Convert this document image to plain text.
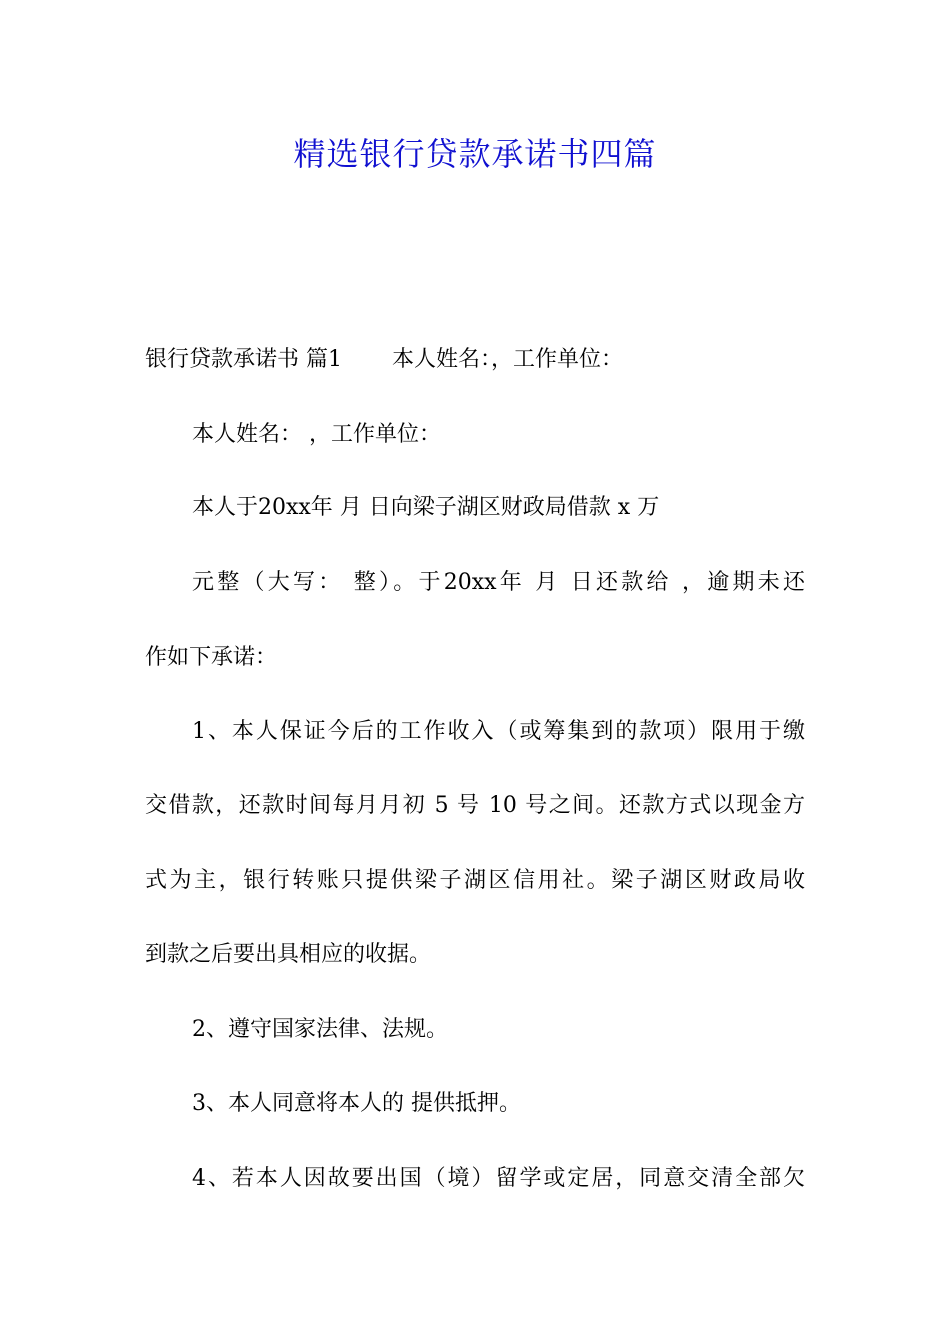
精选银行贷款承诺书四篇
银行贷款承诺书 篇1 本人姓名：，工作单位：
本人姓名： ，工作单位：
本人于20xx年 月 日向梁子湖区财政局借款 x 万
元整（大写： 整）。于20xx年 月 日还款给 ，逾期未还
作如下承诺：
1、本人保证今后的工作收入（或筹集到的款项）限用于缴
交借款，还款时间每月月初 5 号 10 号之间。还款方式以现金方
式为主，银行转账只提供梁子湖区信用社。梁子湖区财政局收
到款之后要出具相应的收据。
2、遵守国家法律、法规。
3、本人同意将本人的 提供抵押。
4、若本人因故要出国（境）留学或定居，同意交清全部欠
